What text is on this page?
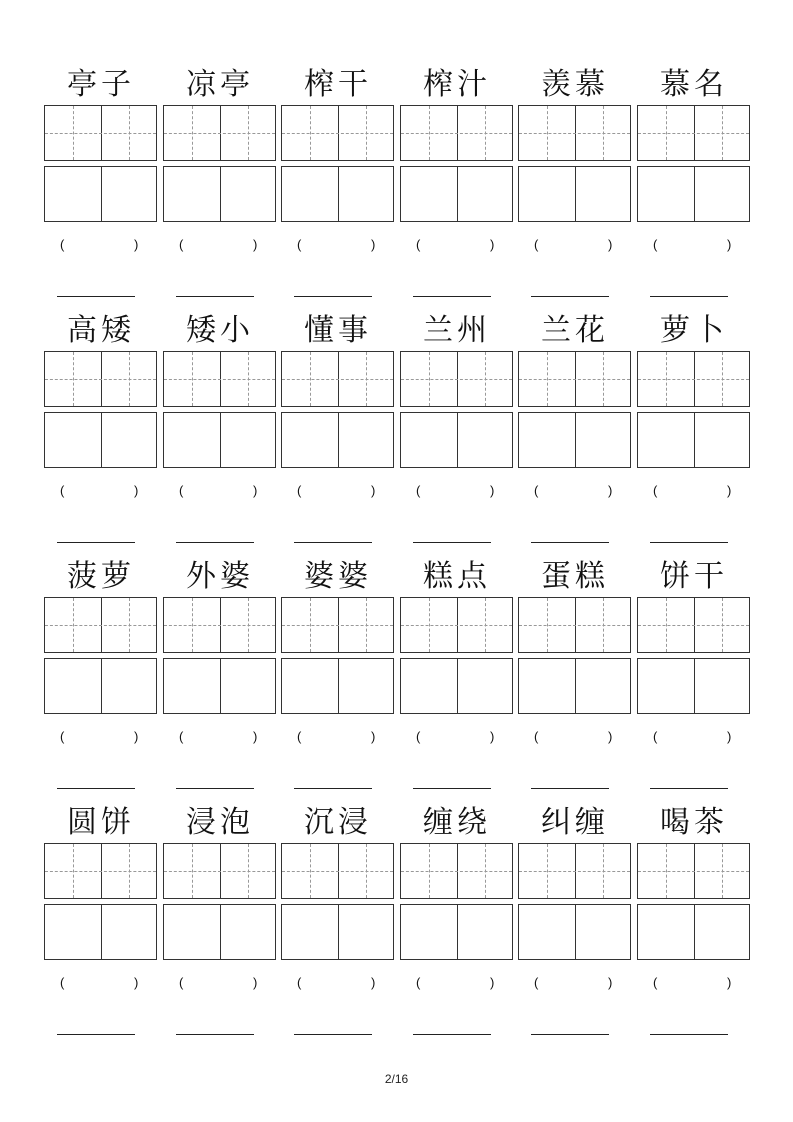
亭子
(	)
凉亭
(	)
榨干
(	)
榨汁
(	)
羡慕
(	)
慕名
(	)
高矮
(	)
矮小
(	)
懂事
(	)
兰州
(	)
兰花
(	)
萝卜
(	)
菠萝
(	)
外婆
(	)
婆婆
(	)
糕点
(	)
蛋糕
(	)
饼干
(	)
圆饼
(	)
浸泡
(	)
沉浸
(	)
缠绕
(	)
纠缠
(	)
喝茶
(	)
2/16
